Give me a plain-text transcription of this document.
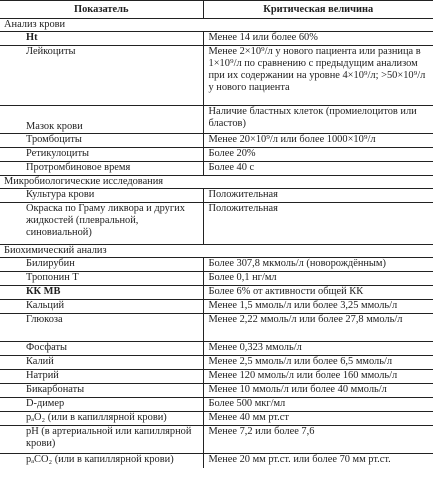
Показатель	Критическая величина
Анализ крови	
Ht	Менее 14 или более 60%
Лейкоциты	Менее 2×10⁹/л у нового пациента или разница в 1×10⁹/л по сравнению с предыдущим анализом при их содержании на уровне 4×10⁹/л; >50×10⁹/л у нового пациента
Мазок крови	Наличие бластных клеток (промиелоцитов или бластов)
Тромбоциты	Менее 20×10⁹/л или более 1000×10⁹/л
Ретикулоциты	Более 20%
Протромбиновое время	Более 40 с
Микробиологические исследования	
Культура крови	Положительная
Окраска по Граму ликвора и других жидкостей (плевральной, синовиальной)	Положительная
Биохимический анализ	
Билирубин	Более 307,8 мкмоль/л (новорождённым)
Тропонин T	Более 0,1 нг/мл
КК МВ	Более 6% от активности общей КК
Кальций	Менее 1,5 ммоль/л или более 3,25 ммоль/л
Глюкоза	Менее 2,22 ммоль/л или более 27,8 ммоль/л
Фосфаты	Менее 0,323 ммоль/л
Калий	Менее 2,5 ммоль/л или более 6,5 ммоль/л
Натрий	Менее 120 ммоль/л или более 160 ммоль/л
Бикарбонаты	Менее 10 ммоль/л или более 40 ммоль/л
D-димер	Более 500 мкг/мл
pₐO₂ (или в капиллярной крови)	Менее 40 мм рт.ст
pH (в артериальной или капиллярной крови)	Менее 7,2 или более 7,6
pₐCO₂ (или в капиллярной крови)	Менее 20 мм рт.ст. или более 70 мм рт.ст.
